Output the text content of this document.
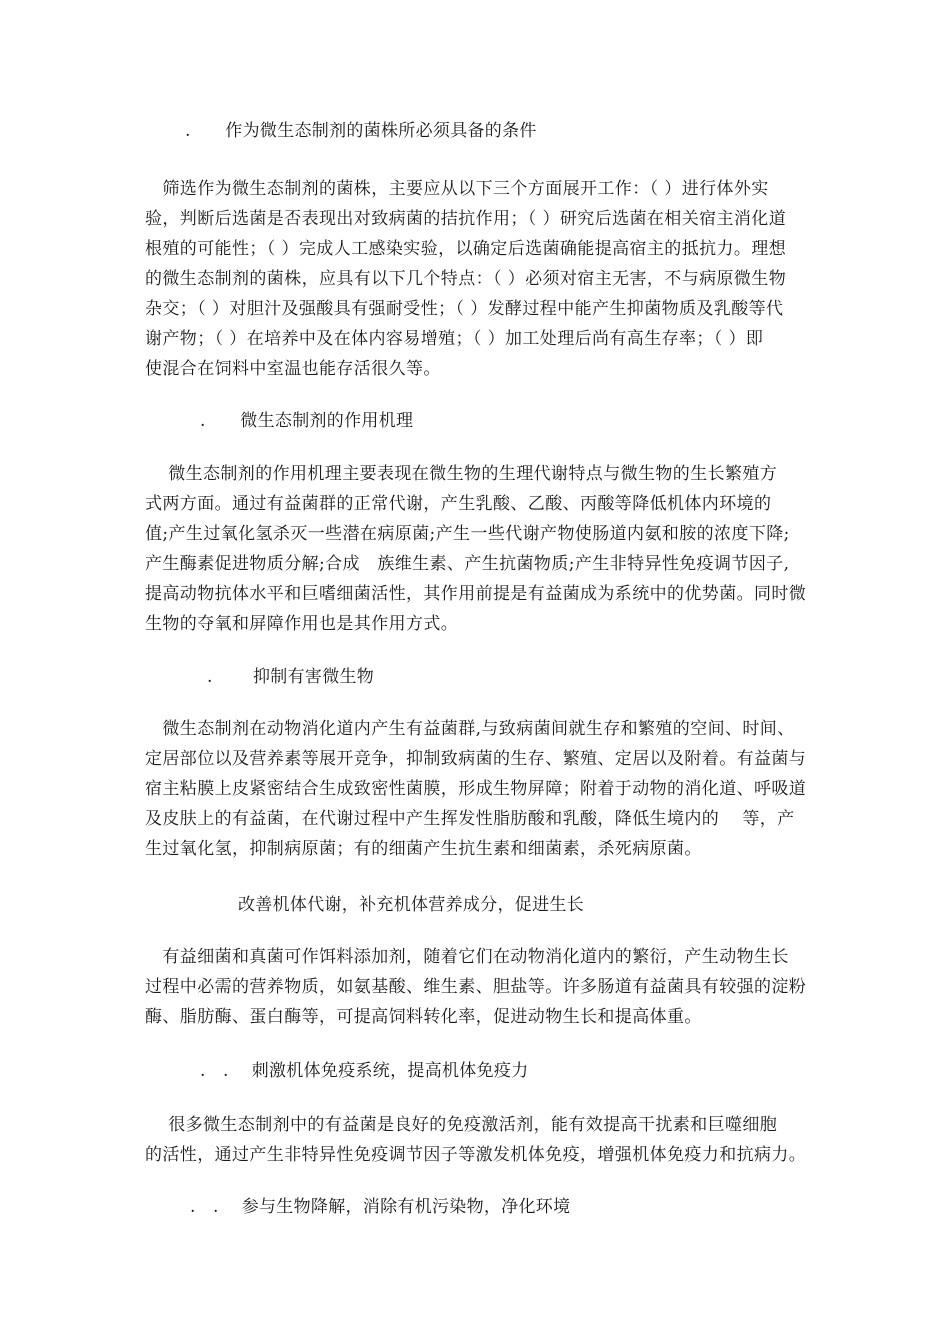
.　　作为微生态制剂的菌株所必须具备的条件
　筛选作为微生态制剂的菌株，主要应从以下三个方面展开工作：（ ）进行体外实
验，判断后选菌是否表现出对致病菌的拮抗作用；（ ）研究后选菌在相关宿主消化道
根殖的可能性；（ ）完成人工感染实验，以确定后选菌确能提高宿主的抵抗力。理想
的微生态制剂的菌株，应具有以下几个特点：（ ）必须对宿主无害，不与病原微生物
杂交；（ ）对胆汁及强酸具有强耐受性；（ ）发酵过程中能产生抑菌物质及乳酸等代
谢产物；（ ）在培养中及在体内容易增殖；（ ）加工处理后尚有高生存率；（ ）即
使混合在饲料中室温也能存活很久等。
.　　微生态制剂的作用机理
　 微生态制剂的作用机理主要表现在微生物的生理代谢特点与微生物的生长繁殖方
式两方面。通过有益菌群的正常代谢，产生乳酸、乙酸、丙酸等降低机体内环境的
值;产生过氧化氢杀灭一些潜在病原菌;产生一些代谢产物使肠道内氨和胺的浓度下降;
产生酶素促进物质分解;合成　族维生素、产生抗菌物质;产生非特异性免疫调节因子,
提高动物抗体水平和巨嗜细菌活性，其作用前提是有益菌成为系统中的优势菌。同时微
生物的夺氧和屏障作用也是其作用方式。
.　　 抑制有害微生物
　微生态制剂在动物消化道内产生有益菌群,与致病菌间就生存和繁殖的空间、时间、
定居部位以及营养素等展开竞争，抑制致病菌的生存、繁殖、定居以及附着。有益菌与
宿主粘膜上皮紧密结合生成致密性菌膜，形成生物屏障；附着于动物的消化道、呼吸道
及皮肤上的有益菌，在代谢过程中产生挥发性脂肪酸和乳酸，降低生境内的　 等，产
生过氧化氢，抑制病原菌；有的细菌产生抗生素和细菌素，杀死病原菌。
改善机体代谢，补充机体营养成分，促进生长
　有益细菌和真菌可作饵料添加剂，随着它们在动物消化道内的繁衍，产生动物生长
过程中必需的营养物质，如氨基酸、维生素、胆盐等。许多肠道有益菌具有较强的淀粉
酶、脂肪酶、蛋白酶等，可提高饲料转化率，促进动物生长和提高体重。
.　.　 刺激机体免疫系统，提高机体免疫力
　 很多微生态制剂中的有益菌是良好的免疫激活剂，能有效提高干扰素和巨噬细胞
的活性，通过产生非特异性免疫调节因子等激发机体免疫，增强机体免疫力和抗病力。
.　.　 参与生物降解，消除有机污染物，净化环境
